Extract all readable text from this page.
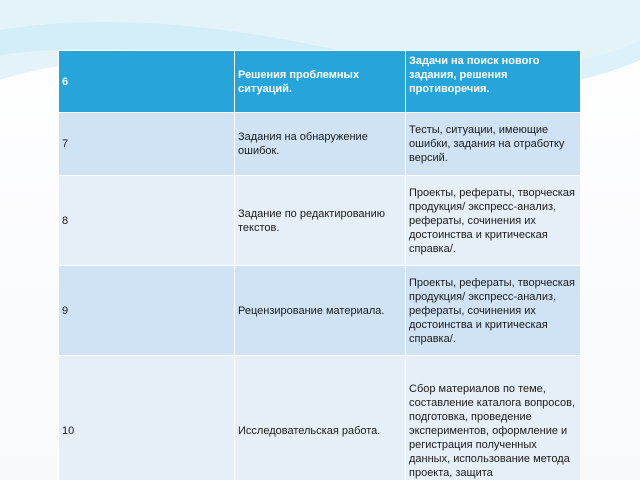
6	Решения проблемных ситуаций.	Задачи на поиск нового задания, решения противоречия.
7	Задания на обнаружение ошибок.	Тесты, ситуации, имеющие ошибки, задания на отработку версий.
8	Задание по редактированию текстов.	Проекты, рефераты, творческая продукция/ экспресс-анализ, рефераты, сочинения их достоинства и критическая справка/.
9	Рецензирование материала.	Проекты, рефераты, творческая продукция/ экспресс-анализ, рефераты, сочинения их достоинства и критическая справка/.
10	Исследовательская работа.	Сбор материалов по теме, составление каталога вопросов, подготовка, проведение экспериментов, оформление и регистрация полученных данных, использование метода проекта, защита
